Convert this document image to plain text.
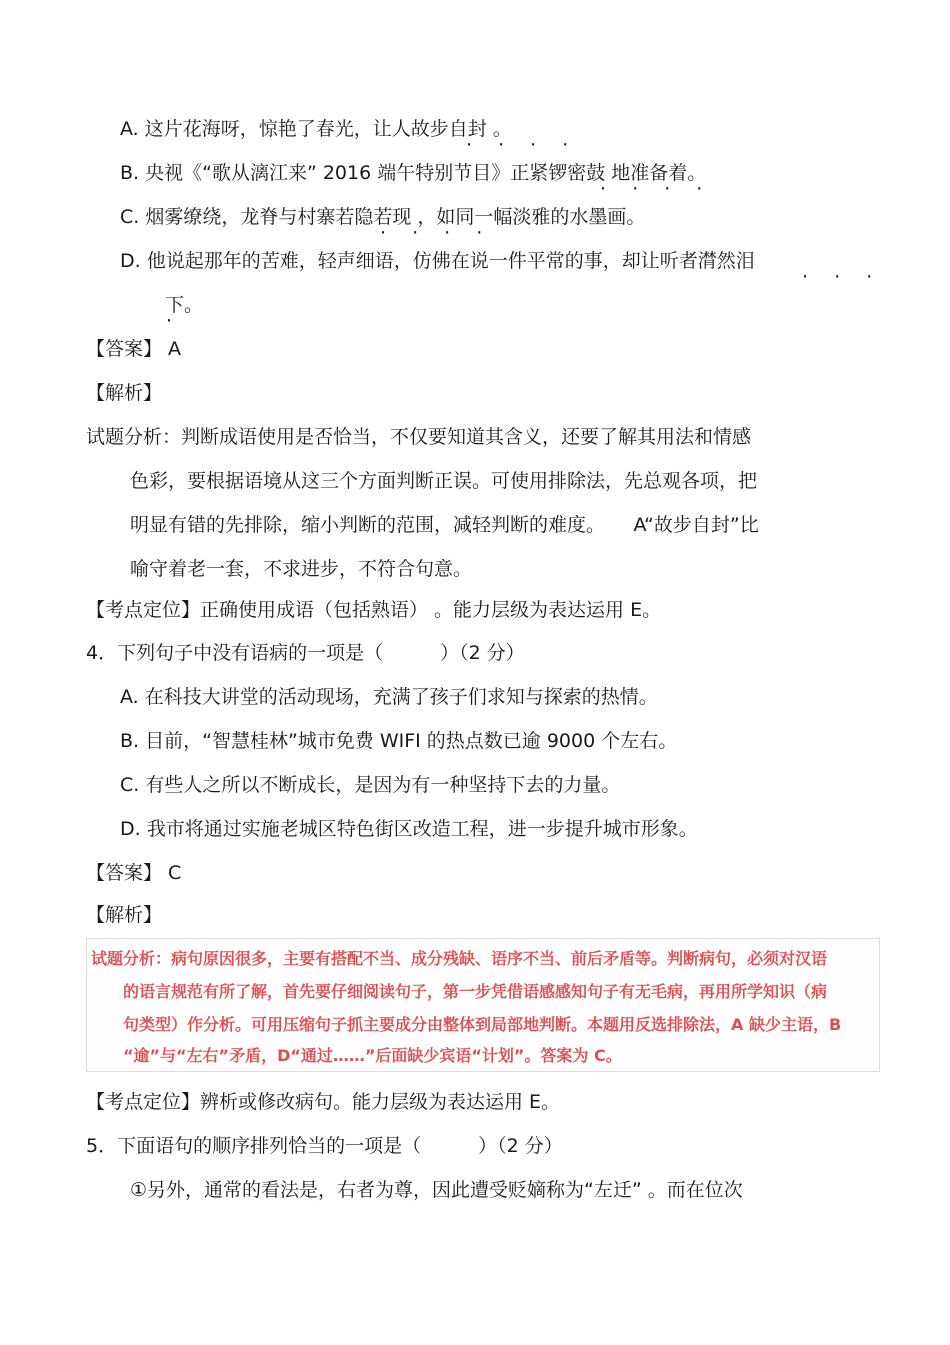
A. 这片花海呀，惊艳了春光，让人故步自封 。
· · · ·
B. 央视《“歌从漓江来” 2016 端午特别节目》正紧锣密鼓 地准备着。
· · · ·
C. 烟雾缭绕，龙脊与村寨若隐若现 ，如同一幅淡雅的水墨画。
· · · ·
D. 他说起那年的苦难，轻声细语，仿佛在说一件平常的事，却让听者潸然泪
· · ·
下。
·
【答案】 A
【解析】
试题分析：判断成语使用是否恰当，不仅要知道其含义，还要了解其用法和情感
色彩，要根据语境从这三个方面判断正误。可使用排除法，先总观各项，把
明显有错的先排除，缩小判断的范围，减轻判断的难度。　　A“故步自封”比
喻守着老一套，不求进步，不符合句意。
【考点定位】正确使用成语（包括熟语） 。能力层级为表达运用 E。
4．下列句子中没有语病的一项是（　　　）（2 分）
A. 在科技大讲堂的活动现场，充满了孩子们求知与探索的热情。
B. 目前，“智慧桂林”城市免费 WIFI 的热点数已逾 9000 个左右。
C. 有些人之所以不断成长，是因为有一种坚持下去的力量。
D. 我市将通过实施老城区特色街区改造工程，进一步提升城市形象。
【答案】 C
【解析】
试题分析：病句原因很多，主要有搭配不当、成分残缺、语序不当、前后矛盾等。判断病句，必须对汉语
的语言规范有所了解，首先要仔细阅读句子，第一步凭借语感感知句子有无毛病，再用所学知识（病
句类型）作分析。可用压缩句子抓主要成分由整体到局部地判断。本题用反选排除法，A 缺少主语，B
“逾”与“左右”矛盾，D“通过……”后面缺少宾语“计划”。答案为 C。
【考点定位】辨析或修改病句。能力层级为表达运用 E。
5．下面语句的顺序排列恰当的一项是（　　　）（2 分）
①另外，通常的看法是，右者为尊，因此遭受贬嫡称为“左迁” 。而在位次
